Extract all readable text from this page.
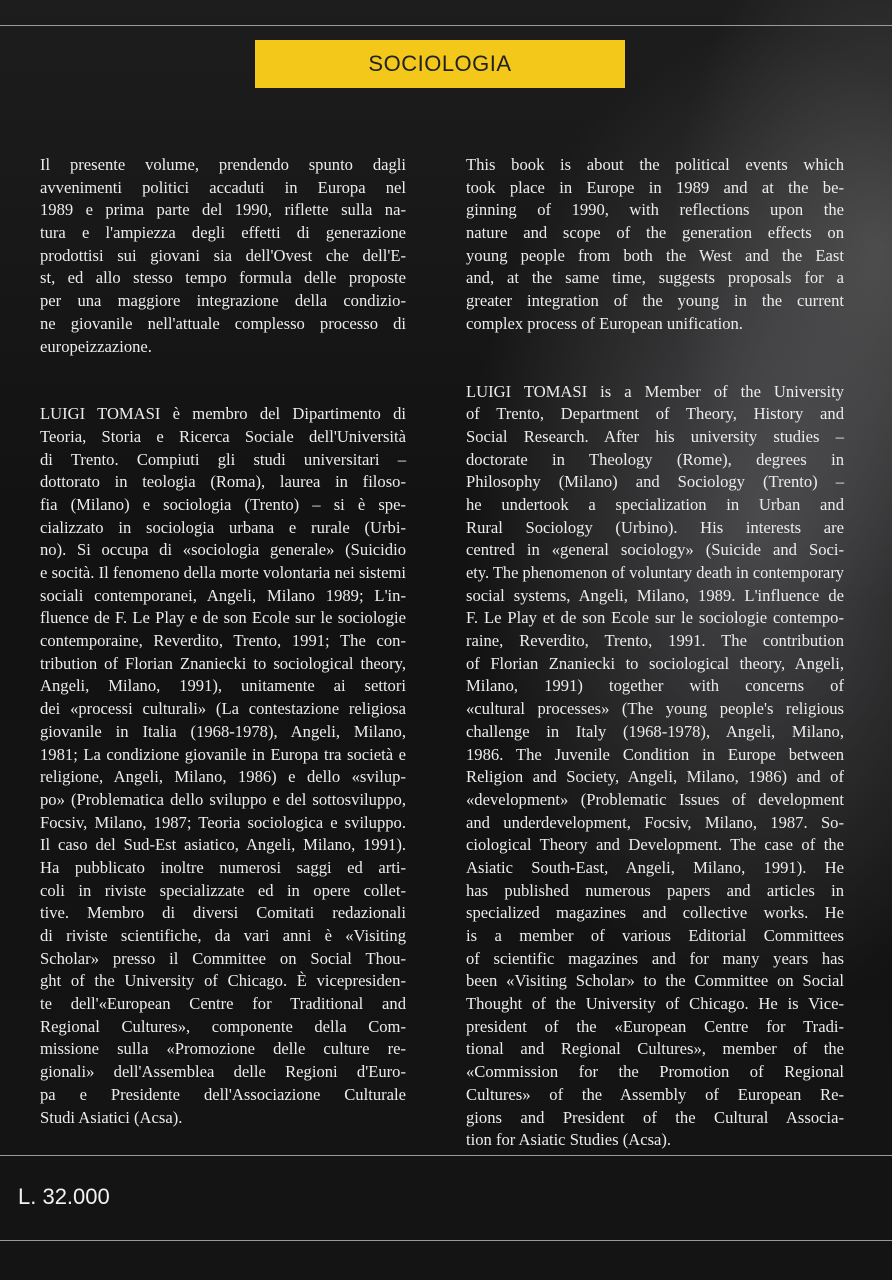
SOCIOLOGIA
Il presente volume, prendendo spunto dagli
avvenimenti politici accaduti in Europa nel
1989 e prima parte del 1990, riflette sulla na-
tura e l'ampiezza degli effetti di generazione
prodottisi sui giovani sia dell'Ovest che dell'E-
st, ed allo stesso tempo formula delle proposte
per una maggiore integrazione della condizio-
ne giovanile nell'attuale complesso processo di
europeizzazione.
LUIGI TOMASI è membro del Dipartimento di
Teoria, Storia e Ricerca Sociale dell'Università
di Trento. Compiuti gli studi universitari –
dottorato in teologia (Roma), laurea in filoso-
fia (Milano) e sociologia (Trento) – si è spe-
cializzato in sociologia urbana e rurale (Urbi-
no). Si occupa di «sociologia generale» (Suicidio
e socità. Il fenomeno della morte volontaria nei sistemi
sociali contemporanei, Angeli, Milano 1989; L'in-
fluence de F. Le Play e de son Ecole sur le sociologie
contemporaine, Reverdito, Trento, 1991; The con-
tribution of Florian Znaniecki to sociological theory,
Angeli, Milano, 1991), unitamente ai settori
dei «processi culturali» (La contestazione religiosa
giovanile in Italia (1968-1978), Angeli, Milano,
1981; La condizione giovanile in Europa tra società e
religione, Angeli, Milano, 1986) e dello «svilup-
po» (Problematica dello sviluppo e del sottosviluppo,
Focsiv, Milano, 1987; Teoria sociologica e sviluppo.
Il caso del Sud-Est asiatico, Angeli, Milano, 1991).
Ha pubblicato inoltre numerosi saggi ed arti-
coli in riviste specializzate ed in opere collet-
tive. Membro di diversi Comitati redazionali
di riviste scientifiche, da vari anni è «Visiting
Scholar» presso il Committee on Social Thou-
ght of the University of Chicago. È vicepresiden-
te dell'«European Centre for Traditional and
Regional Cultures», componente della Com-
missione sulla «Promozione delle culture re-
gionali» dell'Assemblea delle Regioni d'Euro-
pa e Presidente dell'Associazione Culturale
Studi Asiatici (Acsa).
This book is about the political events which
took place in Europe in 1989 and at the be-
ginning of 1990, with reflections upon the
nature and scope of the generation effects on
young people from both the West and the East
and, at the same time, suggests proposals for a
greater integration of the young in the current
complex process of European unification.
LUIGI TOMASI is a Member of the University
of Trento, Department of Theory, History and
Social Research. After his university studies –
doctorate in Theology (Rome), degrees in
Philosophy (Milano) and Sociology (Trento) –
he undertook a specialization in Urban and
Rural Sociology (Urbino). His interests are
centred in «general sociology» (Suicide and Soci-
ety. The phenomenon of voluntary death in contemporary
social systems, Angeli, Milano, 1989. L'influence de
F. Le Play et de son Ecole sur le sociologie contempo-
raine, Reverdito, Trento, 1991. The contribution
of Florian Znaniecki to sociological theory, Angeli,
Milano, 1991) together with concerns of
«cultural processes» (The young people's religious
challenge in Italy (1968-1978), Angeli, Milano,
1986. The Juvenile Condition in Europe between
Religion and Society, Angeli, Milano, 1986) and of
«development» (Problematic Issues of development
and underdevelopment, Focsiv, Milano, 1987. So-
ciological Theory and Development. The case of the
Asiatic South-East, Angeli, Milano, 1991). He
has published numerous papers and articles in
specialized magazines and collective works. He
is a member of various Editorial Committees
of scientific magazines and for many years has
been «Visiting Scholar» to the Committee on Social
Thought of the University of Chicago. He is Vice-
president of the «European Centre for Tradi-
tional and Regional Cultures», member of the
«Commission for the Promotion of Regional
Cultures» of the Assembly of European Re-
gions and President of the Cultural Associa-
tion for Asiatic Studies (Acsa).
L. 32.000
